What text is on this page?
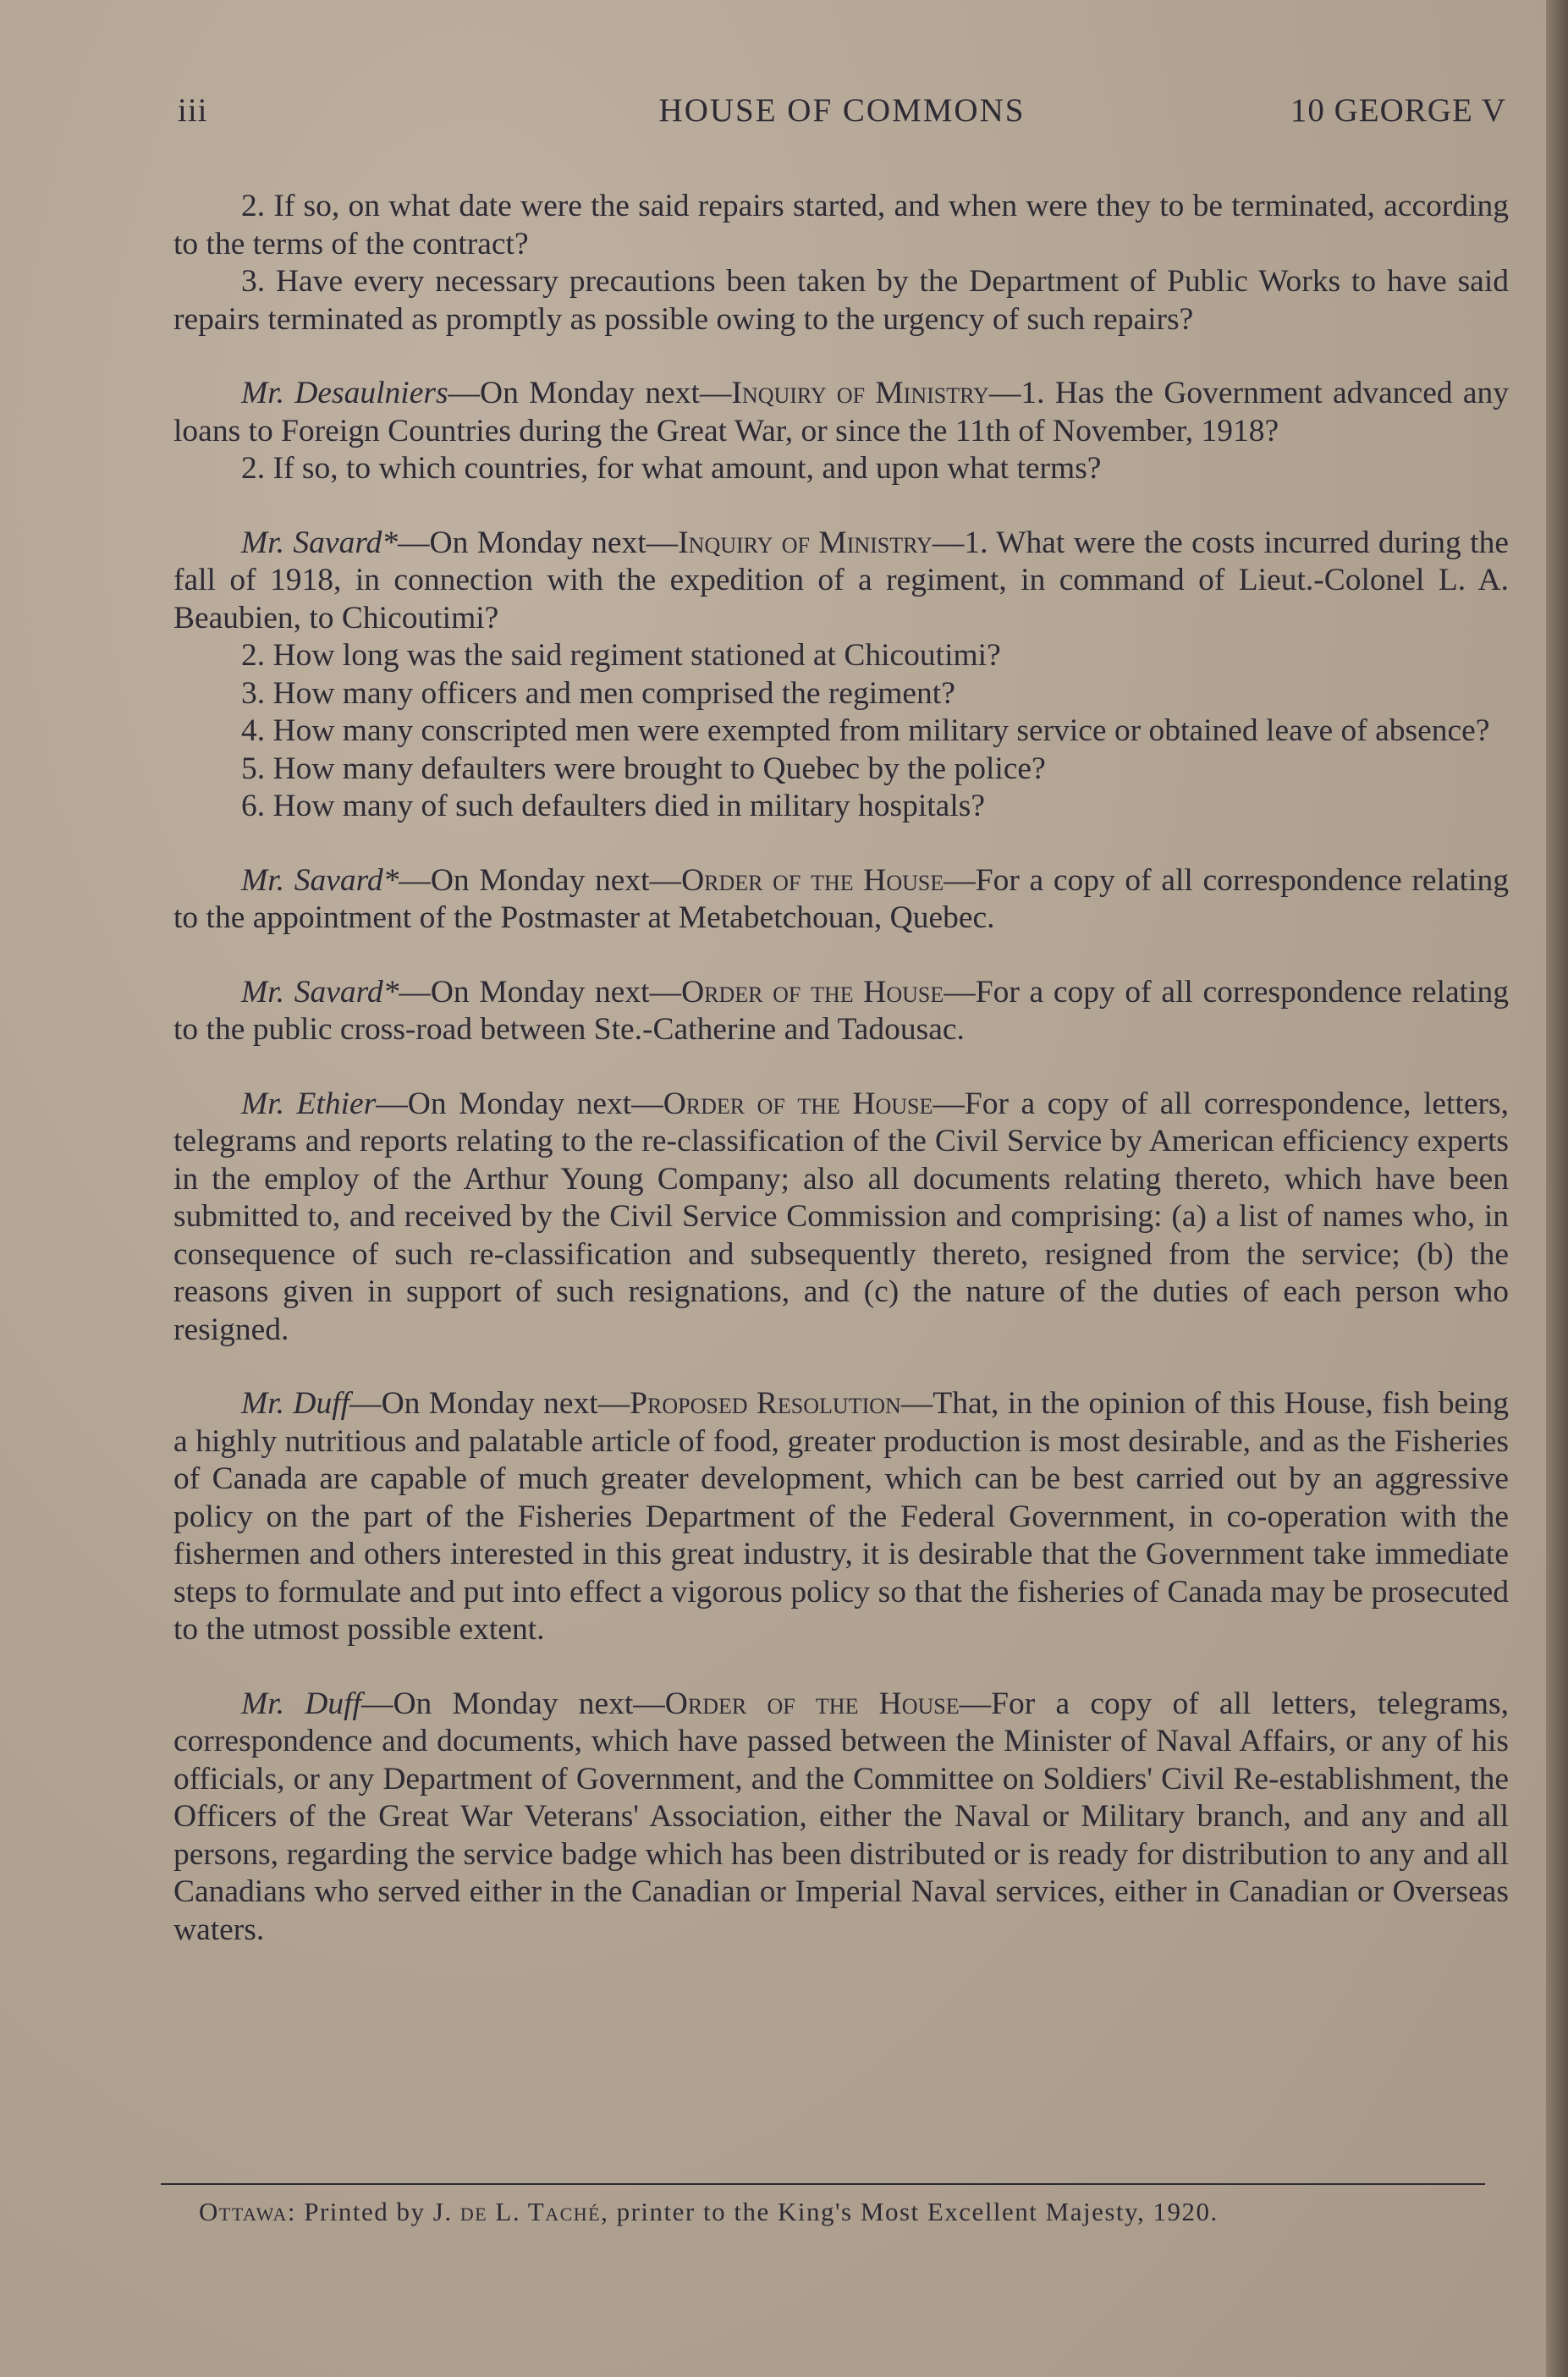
iii	HOUSE OF COMMONS	10 GEORGE V

2. If so, on what date were the said repairs started, and when were they to be terminated, according to the terms of the contract?

3. Have every necessary precautions been taken by the Department of Public Works to have said repairs terminated as promptly as possible owing to the urgency of such repairs?

Mr. Desaulniers—On Monday next—Inquiry of Ministry—1. Has the Government advanced any loans to Foreign Countries during the Great War, or since the 11th of November, 1918?

2. If so, to which countries, for what amount, and upon what terms?

Mr. Savard*—On Monday next—Inquiry of Ministry—1. What were the costs incurred during the fall of 1918, in connection with the expedition of a regiment, in command of Lieut.-Colonel L. A. Beaubien, to Chicoutimi?

2. How long was the said regiment stationed at Chicoutimi?

3. How many officers and men comprised the regiment?

4. How many conscripted men were exempted from military service or obtained leave of absence?

5. How many defaulters were brought to Quebec by the police?

6. How many of such defaulters died in military hospitals?

Mr. Savard*—On Monday next—Order of the House—For a copy of all correspondence relating to the appointment of the Postmaster at Metabetchouan, Quebec.

Mr. Savard*—On Monday next—Order of the House—For a copy of all correspondence relating to the public cross-road between Ste.-Catherine and Tadousac.

Mr. Ethier—On Monday next—Order of the House—For a copy of all correspondence, letters, telegrams and reports relating to the re-classification of the Civil Service by American efficiency experts in the employ of the Arthur Young Company; also all documents relating thereto, which have been submitted to, and received by the Civil Service Commission and comprising: (a) a list of names who, in consequence of such re-classification and subsequently thereto, resigned from the service; (b) the reasons given in support of such resignations, and (c) the nature of the duties of each person who resigned.

Mr. Duff—On Monday next—Proposed Resolution—That, in the opinion of this House, fish being a highly nutritious and palatable article of food, greater production is most desirable, and as the Fisheries of Canada are capable of much greater development, which can be best carried out by an aggressive policy on the part of the Fisheries Department of the Federal Government, in co-operation with the fishermen and others interested in this great industry, it is desirable that the Government take immediate steps to formulate and put into effect a vigorous policy so that the fisheries of Canada may be prosecuted to the utmost possible extent.

Mr. Duff—On Monday next—Order of the House—For a copy of all letters, telegrams, correspondence and documents, which have passed between the Minister of Naval Affairs, or any of his officials, or any Department of Government, and the Committee on Soldiers' Civil Re-establishment, the Officers of the Great War Veterans' Association, either the Naval or Military branch, and any and all persons, regarding the service badge which has been distributed or is ready for distribution to any and all Canadians who served either in the Canadian or Imperial Naval services, either in Canadian or Overseas waters.

Ottawa: Printed by J. de L. Taché, printer to the King's Most Excellent Majesty, 1920.
